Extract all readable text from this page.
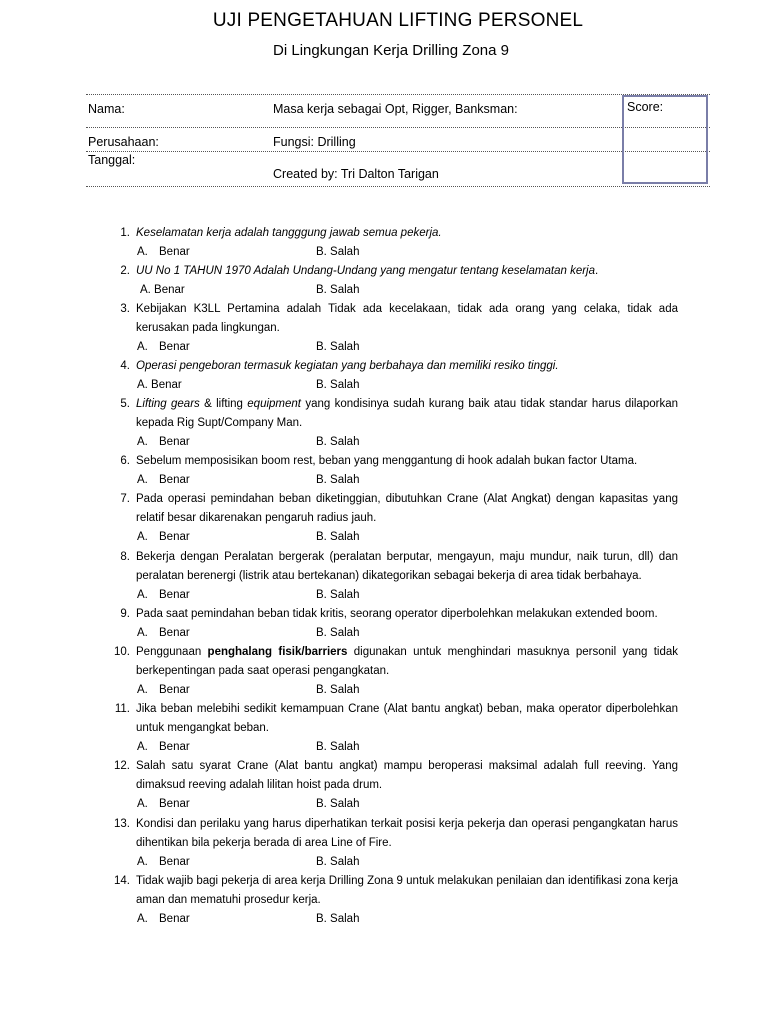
UJI PENGETAHUAN LIFTING PERSONEL
Di Lingkungan Kerja Drilling Zona 9
Nama:	Masa kerja sebagai Opt, Rigger, Banksman:
Perusahaan:	Fungsi: Drilling
Tanggal:
Created by: Tri Dalton Tarigan
Score:
1. Keselamatan kerja adalah tangggung jawab semua pekerja.
A. Benar	B. Salah
2. UU No 1 TAHUN 1970 Adalah Undang-Undang yang mengatur tentang keselamatan kerja.
A. Benar	B. Salah
3. Kebijakan K3LL Pertamina adalah Tidak ada kecelakaan, tidak ada orang yang celaka, tidak ada kerusakan pada lingkungan.
A. Benar	B. Salah
4. Operasi pengeboran termasuk kegiatan yang berbahaya dan memiliki resiko tinggi.
A. Benar	B. Salah
5. Lifting gears & lifting equipment yang kondisinya sudah kurang baik atau tidak standar harus dilaporkan kepada Rig Supt/Company Man.
A. Benar	B. Salah
6. Sebelum memposisikan boom rest, beban yang menggantung di hook adalah bukan factor Utama.
A. Benar	B. Salah
7. Pada operasi pemindahan beban diketinggian, dibutuhkan Crane (Alat Angkat) dengan kapasitas yang relatif besar dikarenakan pengaruh radius jauh.
A. Benar	B. Salah
8. Bekerja dengan Peralatan bergerak (peralatan berputar, mengayun, maju mundur, naik turun, dll) dan peralatan berenergi (listrik atau bertekanan) dikategorikan sebagai bekerja di area tidak berbahaya.
A. Benar	B. Salah
9. Pada saat pemindahan beban tidak kritis, seorang operator diperbolehkan melakukan extended boom.
A. Benar	B. Salah
10. Penggunaan penghalang fisik/barriers digunakan untuk menghindari masuknya personil yang tidak berkepentingan pada saat operasi pengangkatan.
A. Benar	B. Salah
11. Jika beban melebihi sedikit kemampuan Crane (Alat bantu angkat) beban, maka operator diperbolehkan untuk mengangkat beban.
A. Benar	B. Salah
12. Salah satu syarat Crane (Alat bantu angkat) mampu beroperasi maksimal adalah full reeving. Yang dimaksud reeving adalah lilitan hoist pada drum.
A. Benar	B. Salah
13. Kondisi dan perilaku yang harus diperhatikan terkait posisi kerja pekerja dan operasi pengangkatan harus dihentikan bila pekerja berada di area Line of Fire.
A. Benar	B. Salah
14. Tidak wajib bagi pekerja di area kerja Drilling Zona 9 untuk melakukan penilaian dan identifikasi zona kerja aman dan mematuhi prosedur kerja.
A. Benar	B. Salah
